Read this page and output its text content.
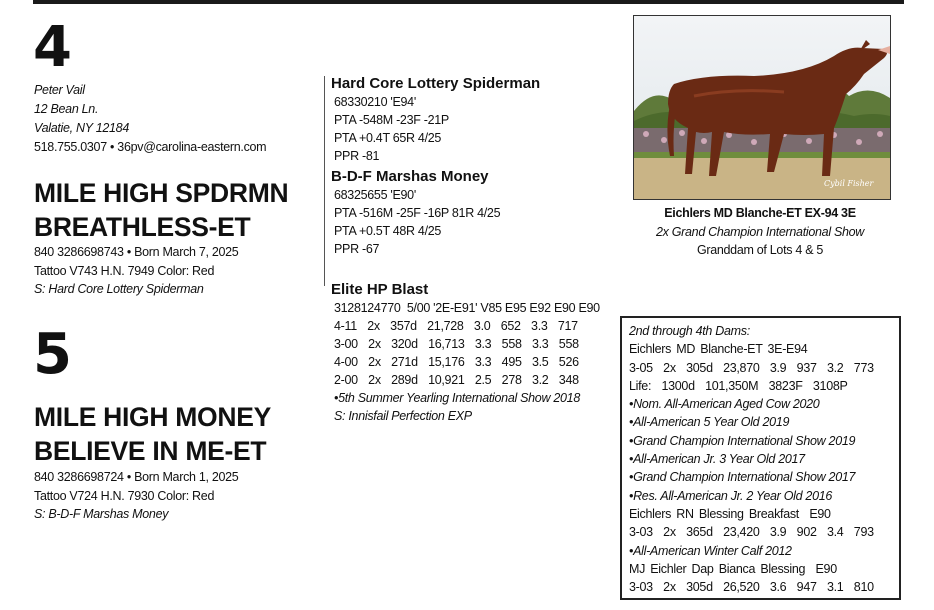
4
Peter Vail
12 Bean Ln.
Valatie, NY 12184
518.755.0307 • 36pv@carolina-eastern.com
MILE HIGH SPDRMN
BREATHLESS-ET
840 3286698743 • Born March 7, 2025
Tattoo V743 H.N. 7949 Color: Red
S: Hard Core Lottery Spiderman
5
MILE HIGH MONEY
BELIEVE IN ME-ET
840 3286698724 • Born March 1, 2025
Tattoo V724 H.N. 7930 Color: Red
S: B-D-F Marshas Money
Hard Core Lottery Spiderman
68330210 'E94'
PTA -548M -23F -21P
PTA +0.4T 65R 4/25
PPR -81
B-D-F Marshas Money
68325655 'E90'
PTA -516M -25F -16P 81R 4/25
PTA +0.5T 48R 4/25
PPR -67
Elite HP Blast
3128124770  5/00 '2E-E91' V85 E95 E92 E90 E90
4-11  2x  357d  21,728  3.0  652  3.3  717
3-00  2x  320d  16,713  3.3  558  3.3  558
4-00  2x  271d  15,176  3.3  495  3.5  526
2-00  2x  289d  10,921  2.5  278  3.2  348
•5th Summer Yearling International Show 2018
S: Innisfail Perfection EXP
Cybil Fisher
Eichlers MD Blanche-ET EX-94 3E
2x Grand Champion International Show
Granddam of Lots 4 & 5
2nd through 4th Dams:
Eichlers MD Blanche-ET 3E-E94
3-05  2x  305d  23,870  3.9  937  3.2  773
Life:  1300d  101,350M  3823F  3108P
•Nom. All-American Aged Cow 2020
•All-American 5 Year Old 2019
•Grand Champion International Show 2019
•All-American Jr. 3 Year Old 2017
•Grand Champion International Show 2017
•Res. All-American Jr. 2 Year Old 2016
Eichlers RN Blessing Breakfast  E90
3-03  2x  365d  23,420  3.9  902  3.4  793
•All-American Winter Calf 2012
MJ Eichler Dap Bianca Blessing  E90
3-03  2x  305d  26,520  3.6  947  3.1  810
